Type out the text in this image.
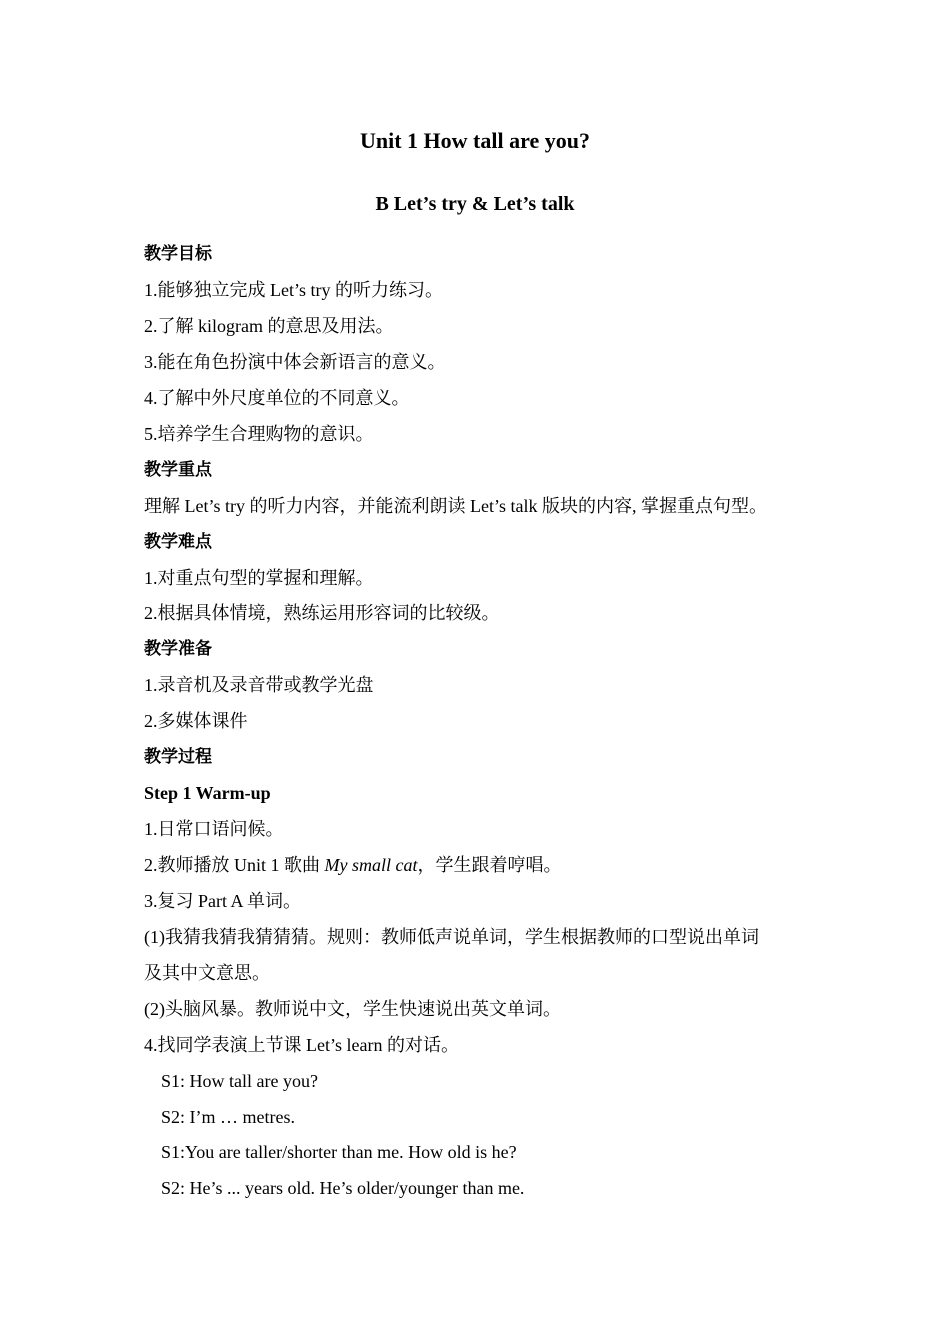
Unit 1 How tall are you?
B Let’s try & Let’s talk
教学目标
1.能够独立完成 Let’s try 的听力练习。
2.了解 kilogram 的意思及用法。
3.能在角色扮演中体会新语言的意义。
4.了解中外尺度单位的不同意义。
5.培养学生合理购物的意识。
教学重点
理解 Let’s try 的听力内容，并能流利朗读 Let’s talk 版块的内容, 掌握重点句型。
教学难点
1.对重点句型的掌握和理解。
2.根据具体情境，熟练运用形容词的比较级。
教学准备
1.录音机及录音带或教学光盘
2.多媒体课件
教学过程
Step 1 Warm-up
1.日常口语问候。
2.教师播放 Unit 1 歌曲 My small cat，学生跟着哼唱。
3.复习 Part A 单词。
(1)我猜我猜我猜猜猜。规则：教师低声说单词，学生根据教师的口型说出单词
及其中文意思。
(2)头脑风暴。教师说中文，学生快速说出英文单词。
4.找同学表演上节课 Let’s learn 的对话。
S1: How tall are you?
S2: I’m … metres.
S1:You are taller/shorter than me. How old is he?
S2: He’s ... years old. He’s older/younger than me.
